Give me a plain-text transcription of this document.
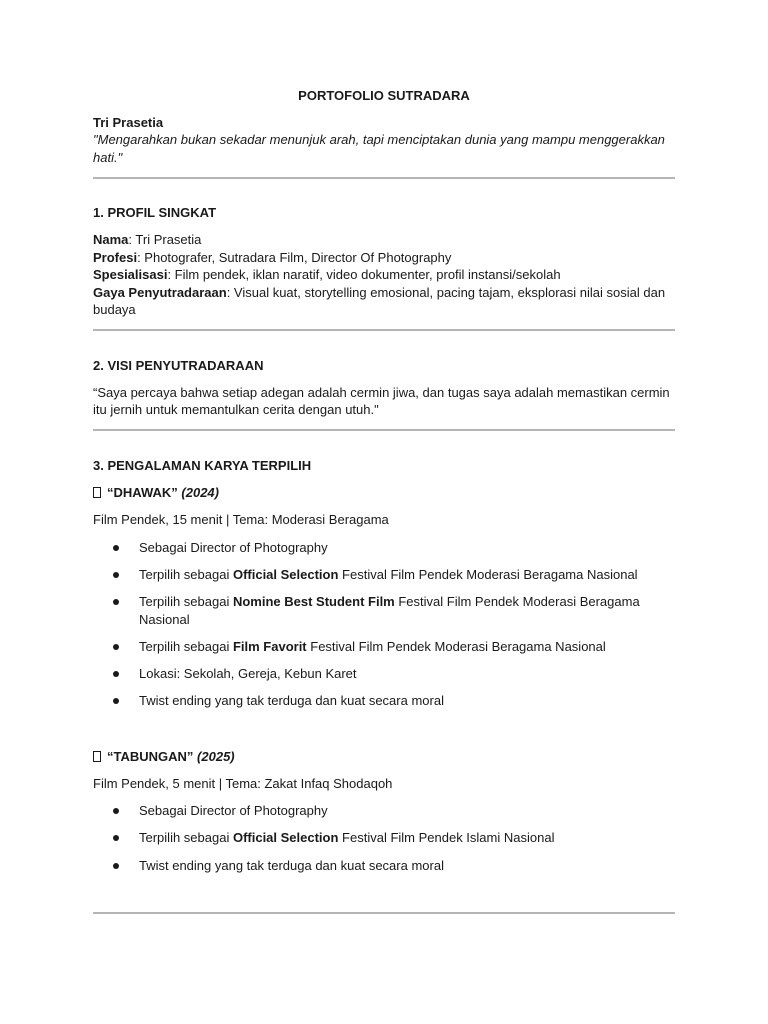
PORTOFOLIO SUTRADARA
Tri Prasetia
"Mengarahkan bukan sekadar menunjuk arah, tapi menciptakan dunia yang mampu menggerakkan
hati."
1. PROFIL SINGKAT
Nama: Tri Prasetia
Profesi: Photografer, Sutradara Film, Director Of Photography
Spesialisasi: Film pendek, iklan naratif, video dokumenter, profil instansi/sekolah
Gaya Penyutradaraan: Visual kuat, storytelling emosional, pacing tajam, eksplorasi nilai sosial dan
budaya
2. VISI PENYUTRADARAAN
“Saya percaya bahwa setiap adegan adalah cermin jiwa, dan tugas saya adalah memastikan cermin
itu jernih untuk memantulkan cerita dengan utuh."
3. PENGALAMAN KARYA TERPILIH
“DHAWAK” (2024)
Film Pendek, 15 menit | Tema: Moderasi Beragama
Sebagai Director of Photography
Terpilih sebagai Official Selection Festival Film Pendek Moderasi Beragama Nasional
Terpilih sebagai Nomine Best Student Film Festival Film Pendek Moderasi Beragama
Nasional
Terpilih sebagai Film Favorit Festival Film Pendek Moderasi Beragama Nasional
Lokasi: Sekolah, Gereja, Kebun Karet
Twist ending yang tak terduga dan kuat secara moral
“TABUNGAN” (2025)
Film Pendek, 5 menit | Tema: Zakat Infaq Shodaqoh
Sebagai Director of Photography
Terpilih sebagai Official Selection Festival Film Pendek Islami Nasional
Twist ending yang tak terduga dan kuat secara moral
